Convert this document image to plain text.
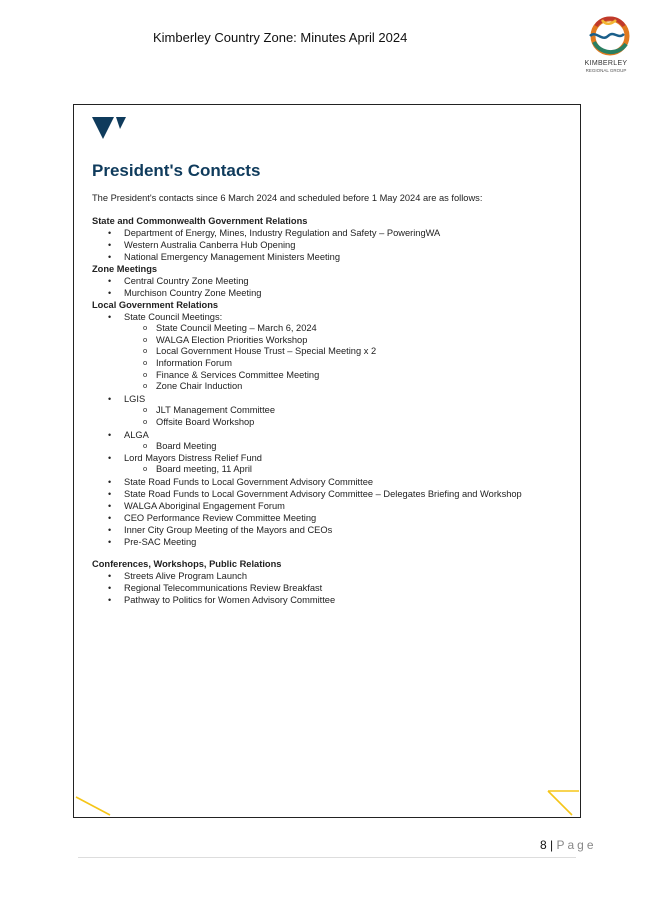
Kimberley Country Zone: Minutes April 2024
KIMBERLEY
REGIONAL GROUP
President's Contacts
The President's contacts since 6 March 2024 and scheduled before 1 May 2024 are as follows:
State and Commonwealth Government Relations
• Department of Energy, Mines, Industry Regulation and Safety – PoweringWA
• Western Australia Canberra Hub Opening
• National Emergency Management Ministers Meeting
Zone Meetings
• Central Country Zone Meeting
• Murchison Country Zone Meeting
Local Government Relations
• State Council Meetings:
o State Council Meeting – March 6, 2024
o WALGA Election Priorities Workshop
o Local Government House Trust – Special Meeting x 2
o Information Forum
o Finance & Services Committee Meeting
o Zone Chair Induction
• LGIS
o JLT Management Committee
o Offsite Board Workshop
• ALGA
o Board Meeting
• Lord Mayors Distress Relief Fund
o Board meeting, 11 April
• State Road Funds to Local Government Advisory Committee
• State Road Funds to Local Government Advisory Committee – Delegates Briefing and Workshop
• WALGA Aboriginal Engagement Forum
• CEO Performance Review Committee Meeting
• Inner City Group Meeting of the Mayors and CEOs
• Pre-SAC Meeting
Conferences, Workshops, Public Relations
• Streets Alive Program Launch
• Regional Telecommunications Review Breakfast
• Pathway to Politics for Women Advisory Committee
8 | Page
